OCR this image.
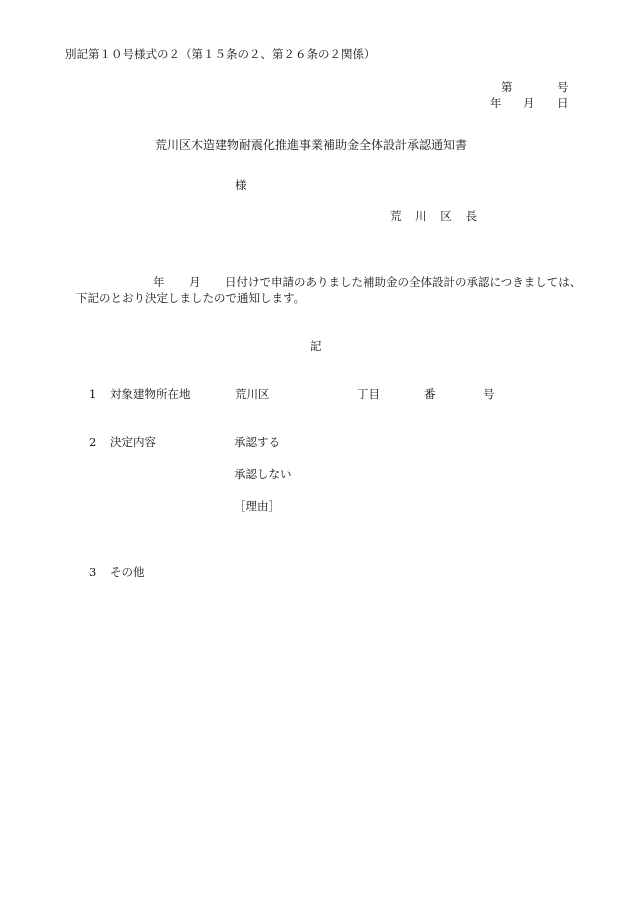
別記第１０号様式の２（第１５条の２、第２６条の２関係）
第	号
年 月 日
荒川区木造建物耐震化推進事業補助金全体設計承認通知書
様
荒 川 区 長
年 月 日付けで申請のありました補助金の全体設計の承認につきましては、
下記のとおり決定しましたので通知します。
記
1 対象建物所在地	荒川区	丁目	番	号
2 決定内容	承認する
承認しない
［理由］
3 その他
